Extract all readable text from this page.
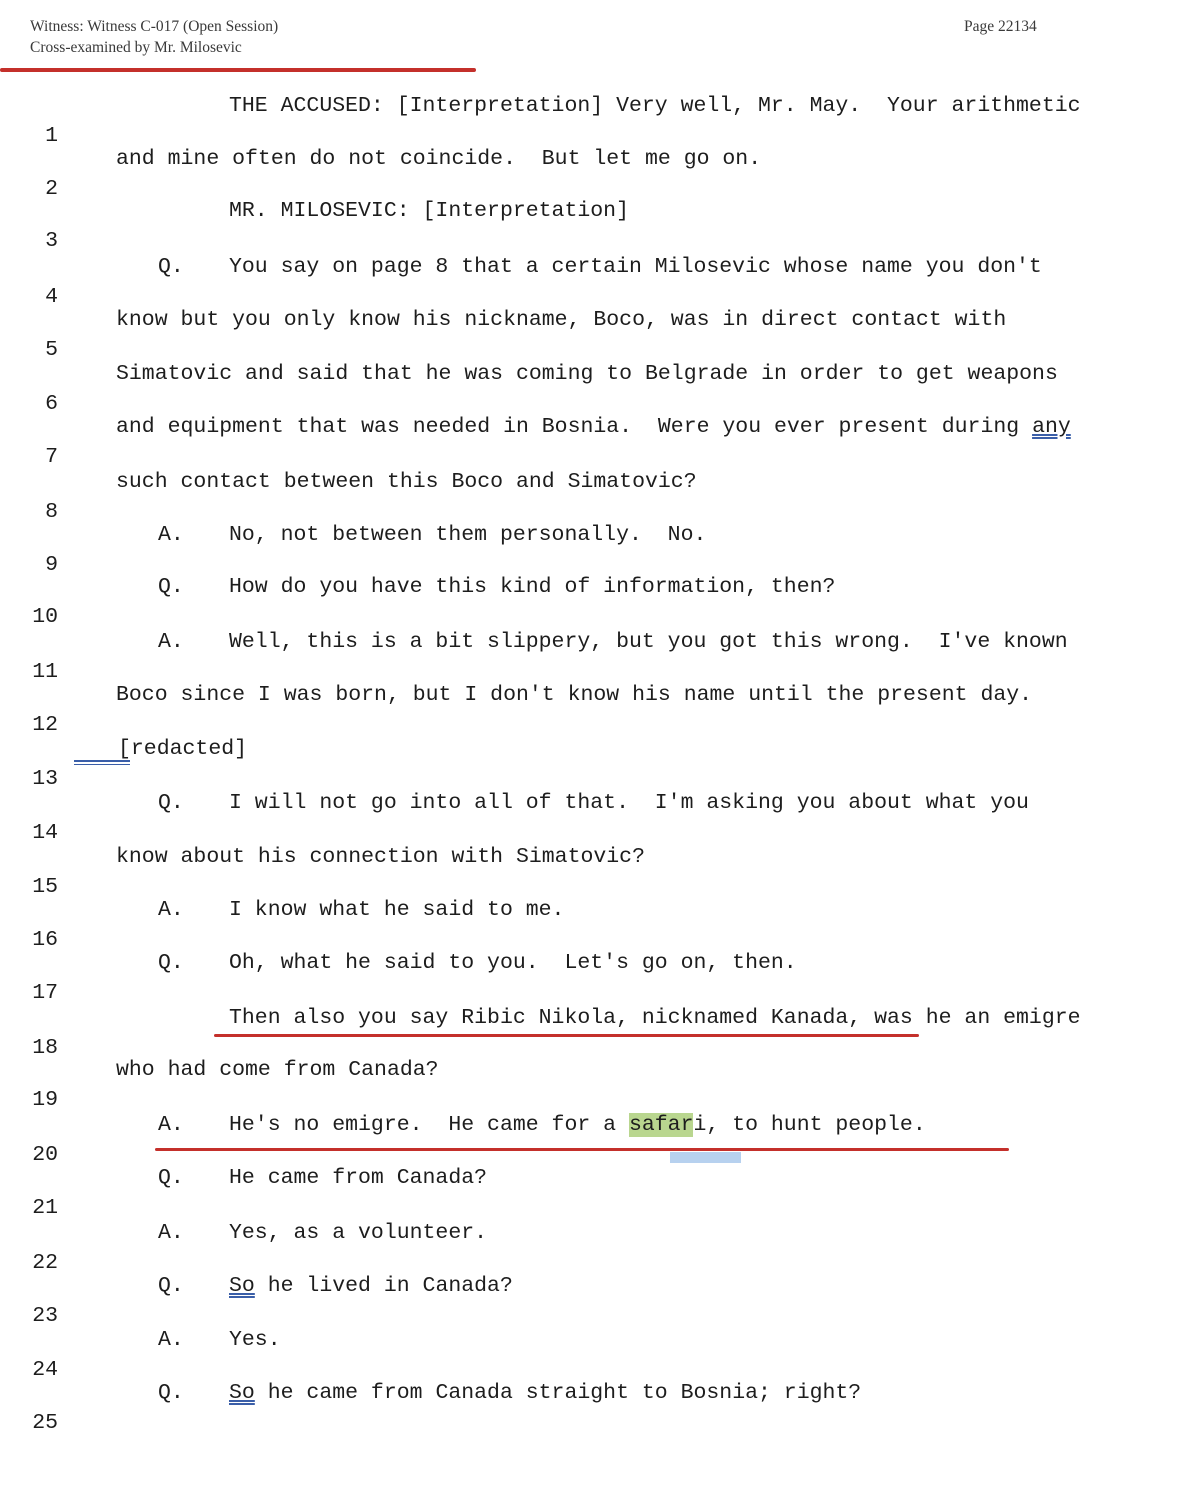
Witness: Witness C-017 (Open Session)
Cross-examined by Mr. Milosevic
Page 22134

1

THE ACCUSED: [Interpretation] Very well, Mr. May.  Your arithmetic

2

and mine often do not coincide.  But let me go on.

3

MR. MILOSEVIC: [Interpretation]

4

Q. You say on page 8 that a certain Milosevic whose name you don't

5

know but you only know his nickname, Boco, was in direct contact with

6

Simatovic and said that he was coming to Belgrade in order to get weapons

7

and equipment that was needed in Bosnia.  Were you ever present during any

8

such contact between this Boco and Simatovic?

9

A. No, not between them personally.  No.

10

Q. How do you have this kind of information, then?

11

A. Well, this is a bit slippery, but you got this wrong.  I've known

12

Boco since I was born, but I don't know his name until the present day.

13

[redacted]

14

Q. I will not go into all of that.  I'm asking you about what you

15

know about his connection with Simatovic?

16

A. I know what he said to me.

17

Q. Oh, what he said to you.  Let's go on, then.

18

Then also you say Ribic Nikola, nicknamed Kanada, was he an emigre

19

who had come from Canada?

20

A. He's no emigre.  He came for a safari, to hunt people.

21

Q. He came from Canada?

22

A. Yes, as a volunteer.

23

Q. So he lived in Canada?

24

A. Yes.

25

Q. So he came from Canada straight to Bosnia; right?
